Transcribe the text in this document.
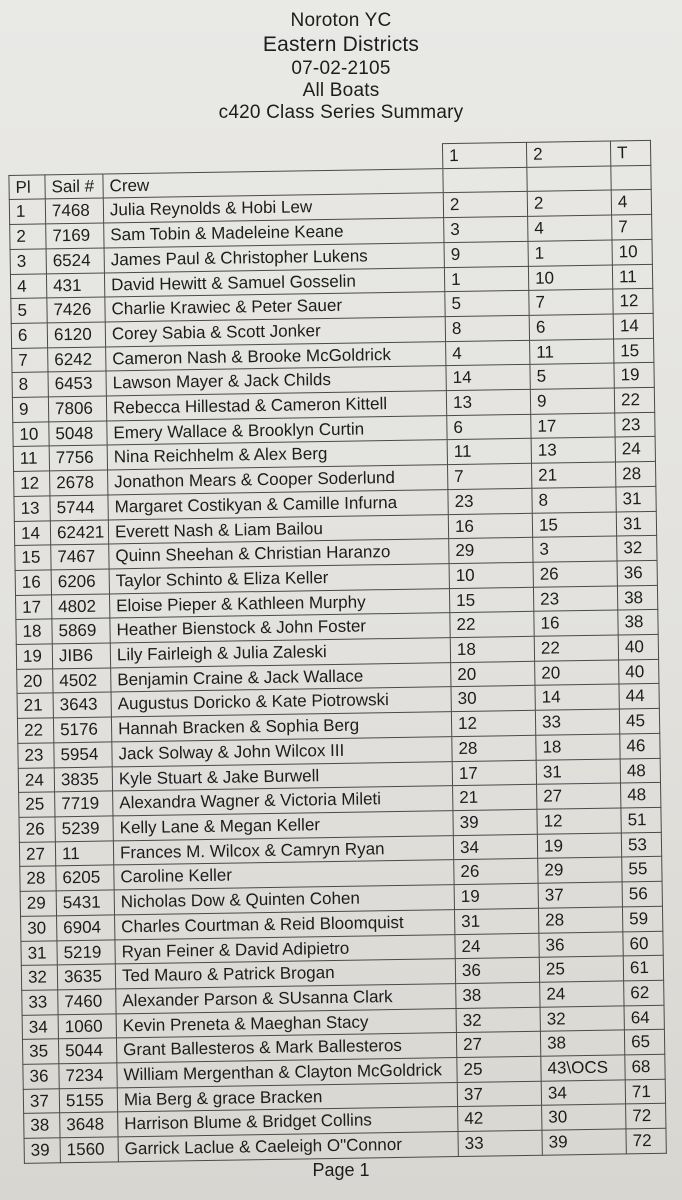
Noroton YC
Eastern Districts
07-02-2105
All Boats
c420 Class Series Summary
			1	2	T
Pl	Sail #	Crew			
1	7468	Julia Reynolds & Hobi Lew	2	2	4
2	7169	Sam Tobin & Madeleine Keane	3	4	7
3	6524	James Paul & Christopher Lukens	9	1	10
4	431	David Hewitt & Samuel Gosselin	1	10	11
5	7426	Charlie Krawiec & Peter Sauer	5	7	12
6	6120	Corey Sabia & Scott Jonker	8	6	14
7	6242	Cameron Nash & Brooke McGoldrick	4	11	15
8	6453	Lawson Mayer & Jack Childs	14	5	19
9	7806	Rebecca Hillestad & Cameron Kittell	13	9	22
10	5048	Emery Wallace & Brooklyn Curtin	6	17	23
11	7756	Nina Reichhelm & Alex Berg	11	13	24
12	2678	Jonathon Mears & Cooper Soderlund	7	21	28
13	5744	Margaret Costikyan & Camille Infurna	23	8	31
14	62421	Everett Nash & Liam Bailou	16	15	31
15	7467	Quinn Sheehan & Christian Haranzo	29	3	32
16	6206	Taylor Schinto & Eliza Keller	10	26	36
17	4802	Eloise Pieper & Kathleen Murphy	15	23	38
18	5869	Heather Bienstock & John Foster	22	16	38
19	JIB6	Lily Fairleigh & Julia Zaleski	18	22	40
20	4502	Benjamin Craine & Jack Wallace	20	20	40
21	3643	Augustus Doricko & Kate Piotrowski	30	14	44
22	5176	Hannah Bracken & Sophia Berg	12	33	45
23	5954	Jack Solway & John Wilcox III	28	18	46
24	3835	Kyle Stuart & Jake Burwell	17	31	48
25	7719	Alexandra Wagner & Victoria Mileti	21	27	48
26	5239	Kelly Lane & Megan Keller	39	12	51
27	11	Frances M. Wilcox & Camryn Ryan	34	19	53
28	6205	Caroline Keller	26	29	55
29	5431	Nicholas Dow & Quinten Cohen	19	37	56
30	6904	Charles Courtman & Reid Bloomquist	31	28	59
31	5219	Ryan Feiner & David Adipietro	24	36	60
32	3635	Ted Mauro & Patrick Brogan	36	25	61
33	7460	Alexander Parson & SUsanna Clark	38	24	62
34	1060	Kevin Preneta & Maeghan Stacy	32	32	64
35	5044	Grant Ballesteros & Mark Ballesteros	27	38	65
36	7234	William Mergenthan & Clayton McGoldrick	25	43\OCS	68
37	5155	Mia Berg & grace Bracken	37	34	71
38	3648	Harrison Blume & Bridget Collins	42	30	72
39	1560	Garrick Laclue & Caeleigh O"Connor	33	39	72
Page 1
